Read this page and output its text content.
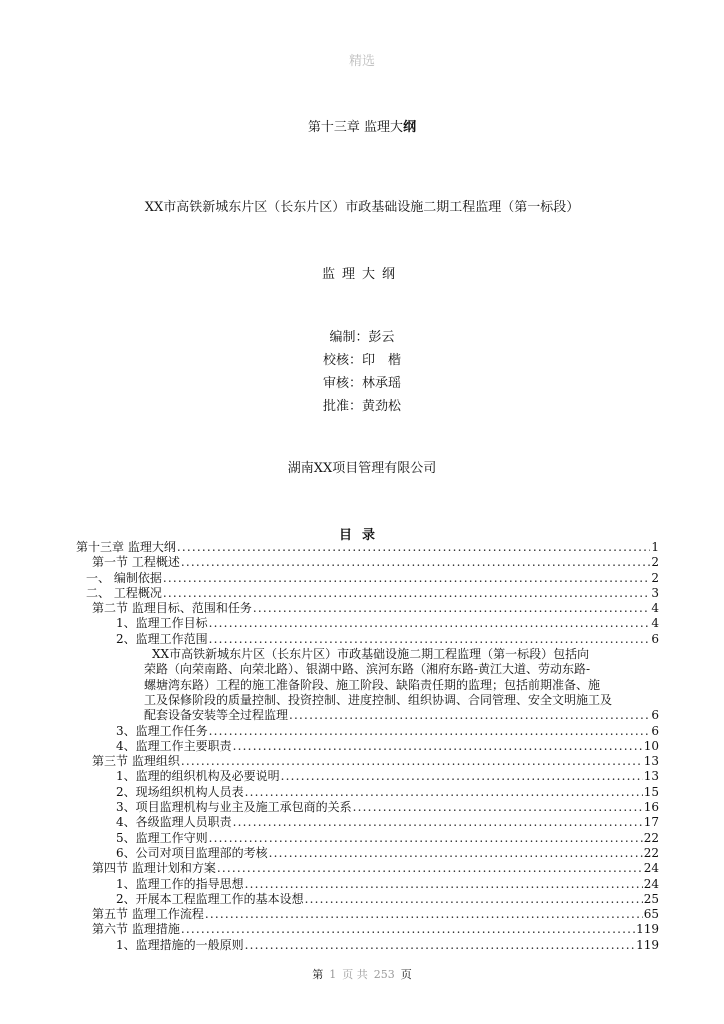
精选
第十三章 监理大纲
XX市高铁新城东片区（长东片区）市政基础设施二期工程监理（第一标段）
监理大纲
编制：彭云
校核：印　楷
审核：林承瑶
批准：黄劲松
湖南XX项目管理有限公司
目录
第十三章 监理大纲 .....	1
第一节 工程概述 .....	2
一、 编制依据 .....	2
二、 工程概况 .....	3
第二节 监理目标、范围和任务 .....	4
1、监理工作目标 .....	4
2、监理工作范围 .....	6
XX市高铁新城东片区（长东片区）市政基础设施二期工程监理（第一标段）包括向
荣路（向荣南路、向荣北路）、银湖中路、滨河东路（湘府东路-黄江大道、劳动东路-
螺塘湾东路）工程的施工准备阶段、施工阶段、缺陷责任期的监理；包括前期准备、施
工及保修阶段的质量控制、投资控制、进度控制、组织协调、合同管理、安全文明施工及
配套设备安装等全过程监理 .....	6
3、监理工作任务 .....	6
4、监理工作主要职责 .....	10
第三节 监理组织 .....	13
1、监理的组织机构及必要说明 .....	13
2、现场组织机构人员表 .....	15
3、项目监理机构与业主及施工承包商的关系 .....	16
4、各级监理人员职责 .....	17
5、监理工作守则 .....	22
6、公司对项目监理部的考核 .....	22
第四节 监理计划和方案 .....	24
1、监理工作的指导思想 .....	24
2、开展本工程监理工作的基本设想 .....	25
第五节 监理工作流程 .....	65
第六节 监理措施 .....	119
1、监理措施的一般原则 .....	119
第 1 页 共 253 页
